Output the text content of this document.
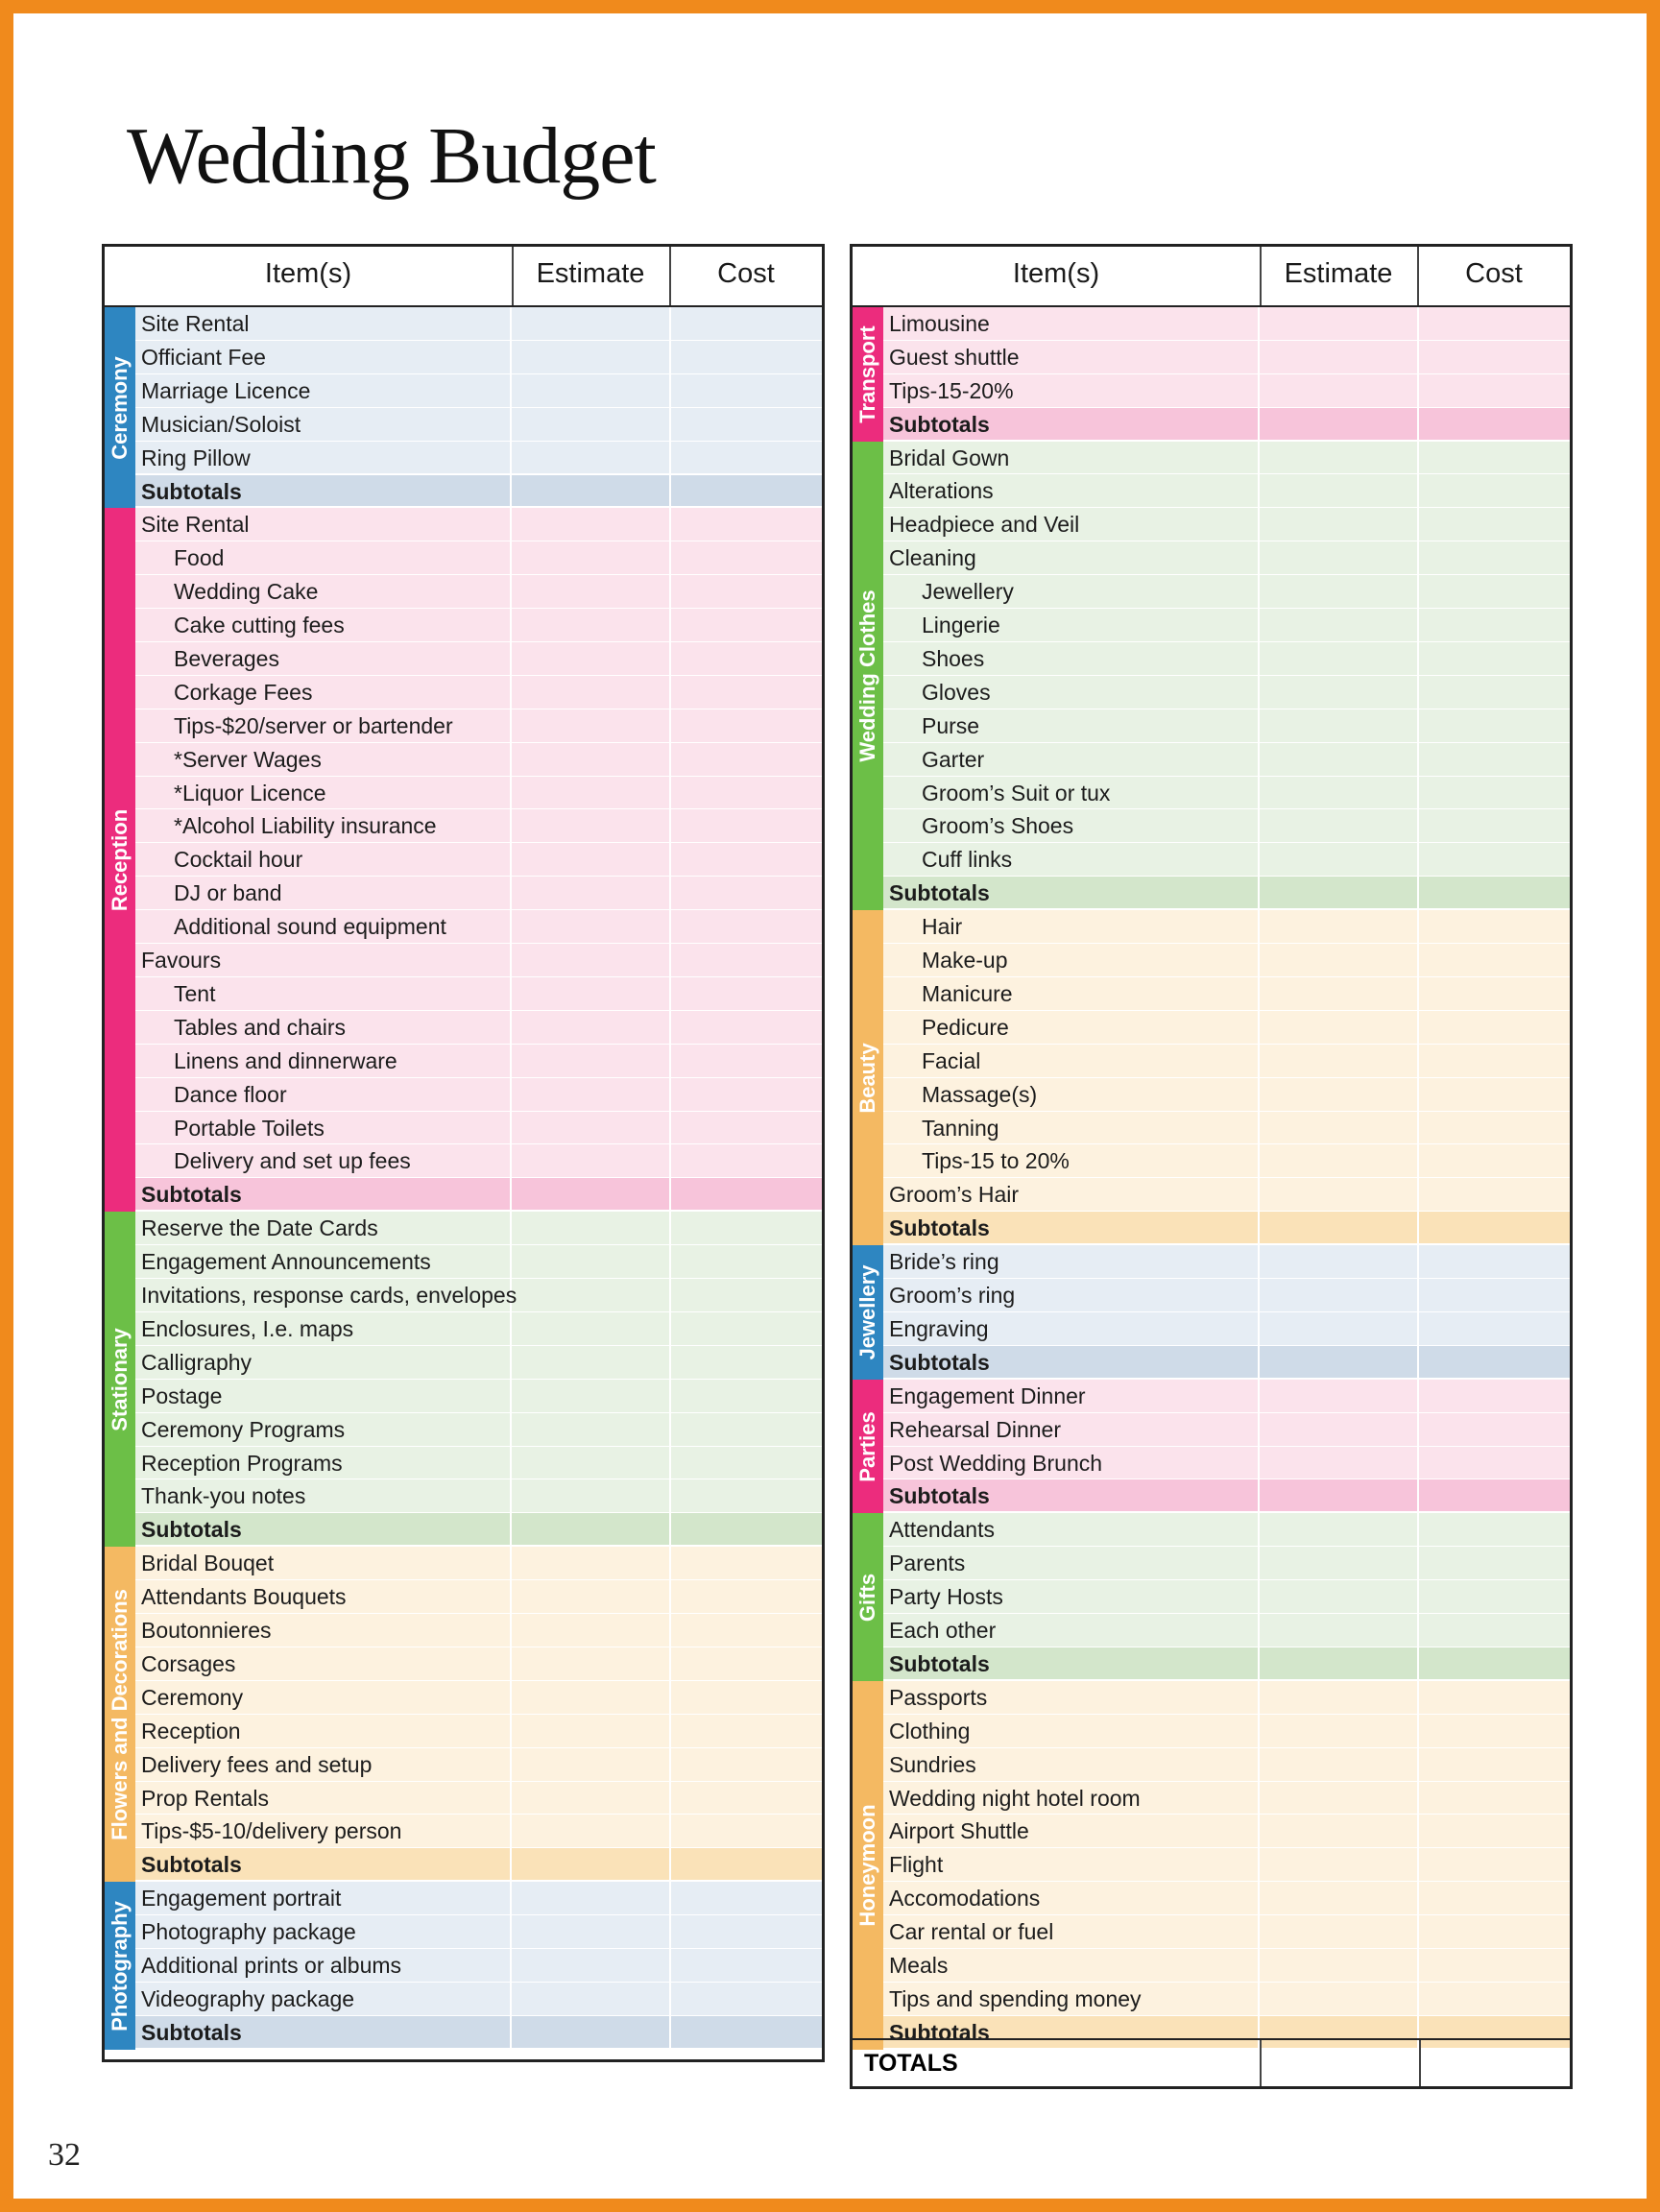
Wedding Budget
Item(s)	Estimate	Cost
Ceremony
Site Rental
Officiant Fee
Marriage Licence
Musician/Soloist
Ring Pillow
Subtotals
Reception
Site Rental
Food
Wedding Cake
Cake cutting fees
Beverages
Corkage Fees
Tips-$20/server or bartender
*Server Wages
*Liquor Licence
*Alcohol Liability insurance
Cocktail hour
DJ or band
Additional sound equipment
Favours
Tent
Tables and chairs
Linens and dinnerware
Dance floor
Portable Toilets
Delivery and set up fees
Subtotals
Stationary
Reserve the Date Cards
Engagement Announcements
Invitations, response cards, envelopes
Enclosures, I.e. maps
Calligraphy
Postage
Ceremony Programs
Reception Programs
Thank-you notes
Subtotals
Flowers and Decorations
Bridal Bouqet
Attendants Bouquets
Boutonnieres
Corsages
Ceremony
Reception
Delivery fees and setup
Prop Rentals
Tips-$5-10/delivery person
Subtotals
Photography
Engagement portrait
Photography package
Additional prints or albums
Videography package
Subtotals
Item(s)	Estimate	Cost
Transport
Limousine
Guest shuttle
Tips-15-20%
Subtotals
Wedding Clothes
Bridal Gown
Alterations
Headpiece and Veil
Cleaning
Jewellery
Lingerie
Shoes
Gloves
Purse
Garter
Groom’s Suit or tux
Groom’s Shoes
Cuff links
Subtotals
Beauty
Hair
Make-up
Manicure
Pedicure
Facial
Massage(s)
Tanning
Tips-15 to 20%
Groom’s Hair
Subtotals
Jewellery
Bride’s ring
Groom’s ring
Engraving
Subtotals
Parties
Engagement Dinner
Rehearsal Dinner
Post Wedding Brunch
Subtotals
Gifts
Attendants
Parents
Party Hosts
Each other
Subtotals
Honeymoon
Passports
Clothing
Sundries
Wedding night hotel room
Airport Shuttle
Flight
Accomodations
Car rental or fuel
Meals
Tips and spending money
Subtotals
TOTALS
32
